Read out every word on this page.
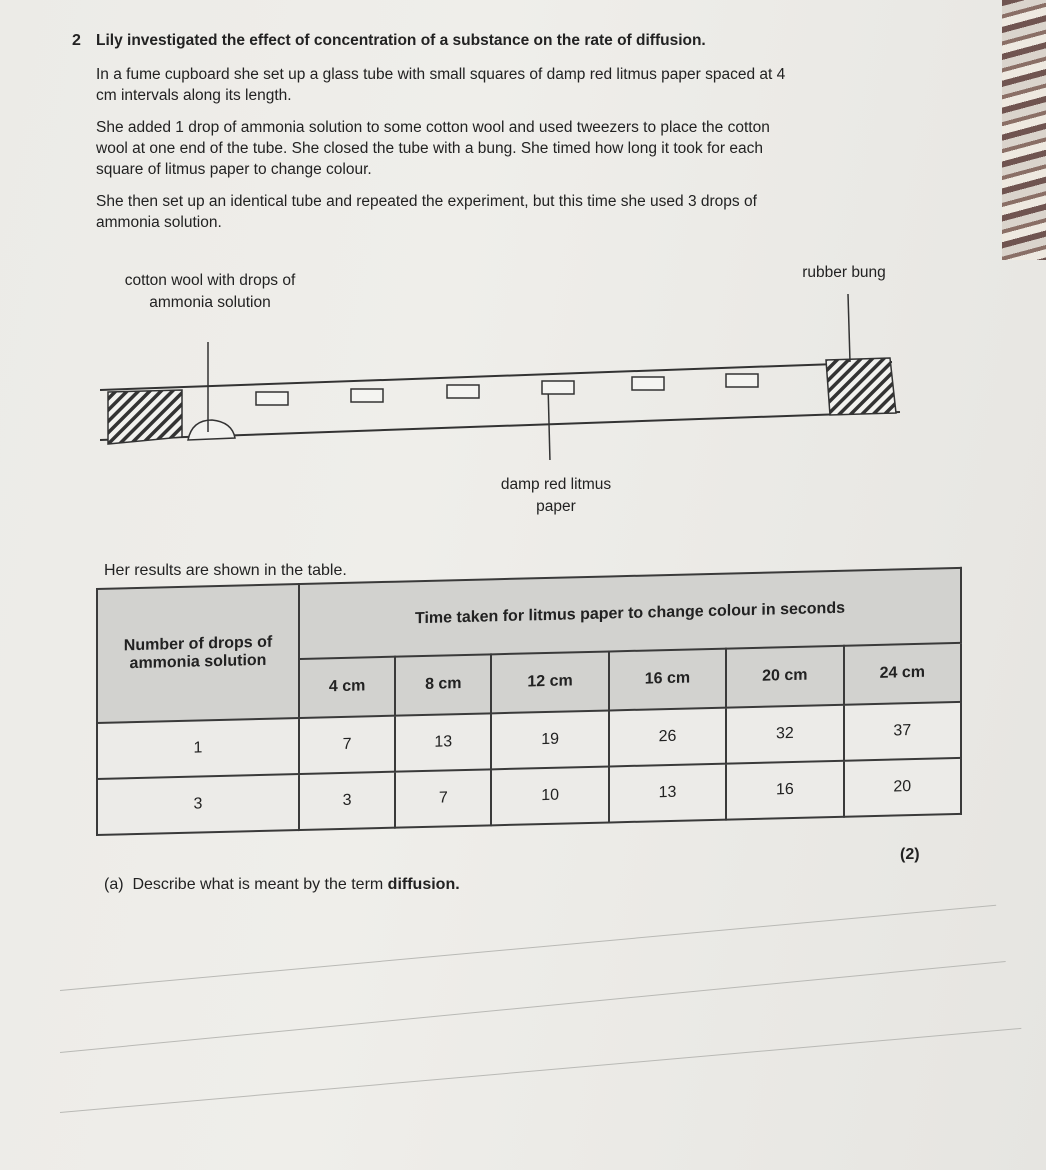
2 Lily investigated the effect of concentration of a substance on the rate of diffusion.
In a fume cupboard she set up a glass tube with small squares of damp red litmus paper spaced at 4 cm intervals along its length.
She added 1 drop of ammonia solution to some cotton wool and used tweezers to place the cotton wool at one end of the tube. She closed the tube with a bung. She timed how long it took for each square of litmus paper to change colour.
She then set up an identical tube and repeated the experiment, but this time she used 3 drops of ammonia solution.
cotton wool with drops of ammonia solution
rubber bung
damp red litmus paper
Her results are shown in the table.
Number of drops of ammonia solution	Time taken for litmus paper to change colour in seconds					
	4 cm	8 cm	12 cm	16 cm	20 cm	24 cm
1	7	13	19	26	32	37
3	3	7	10	13	16	20
(a) Describe what is meant by the term diffusion.
(2)
